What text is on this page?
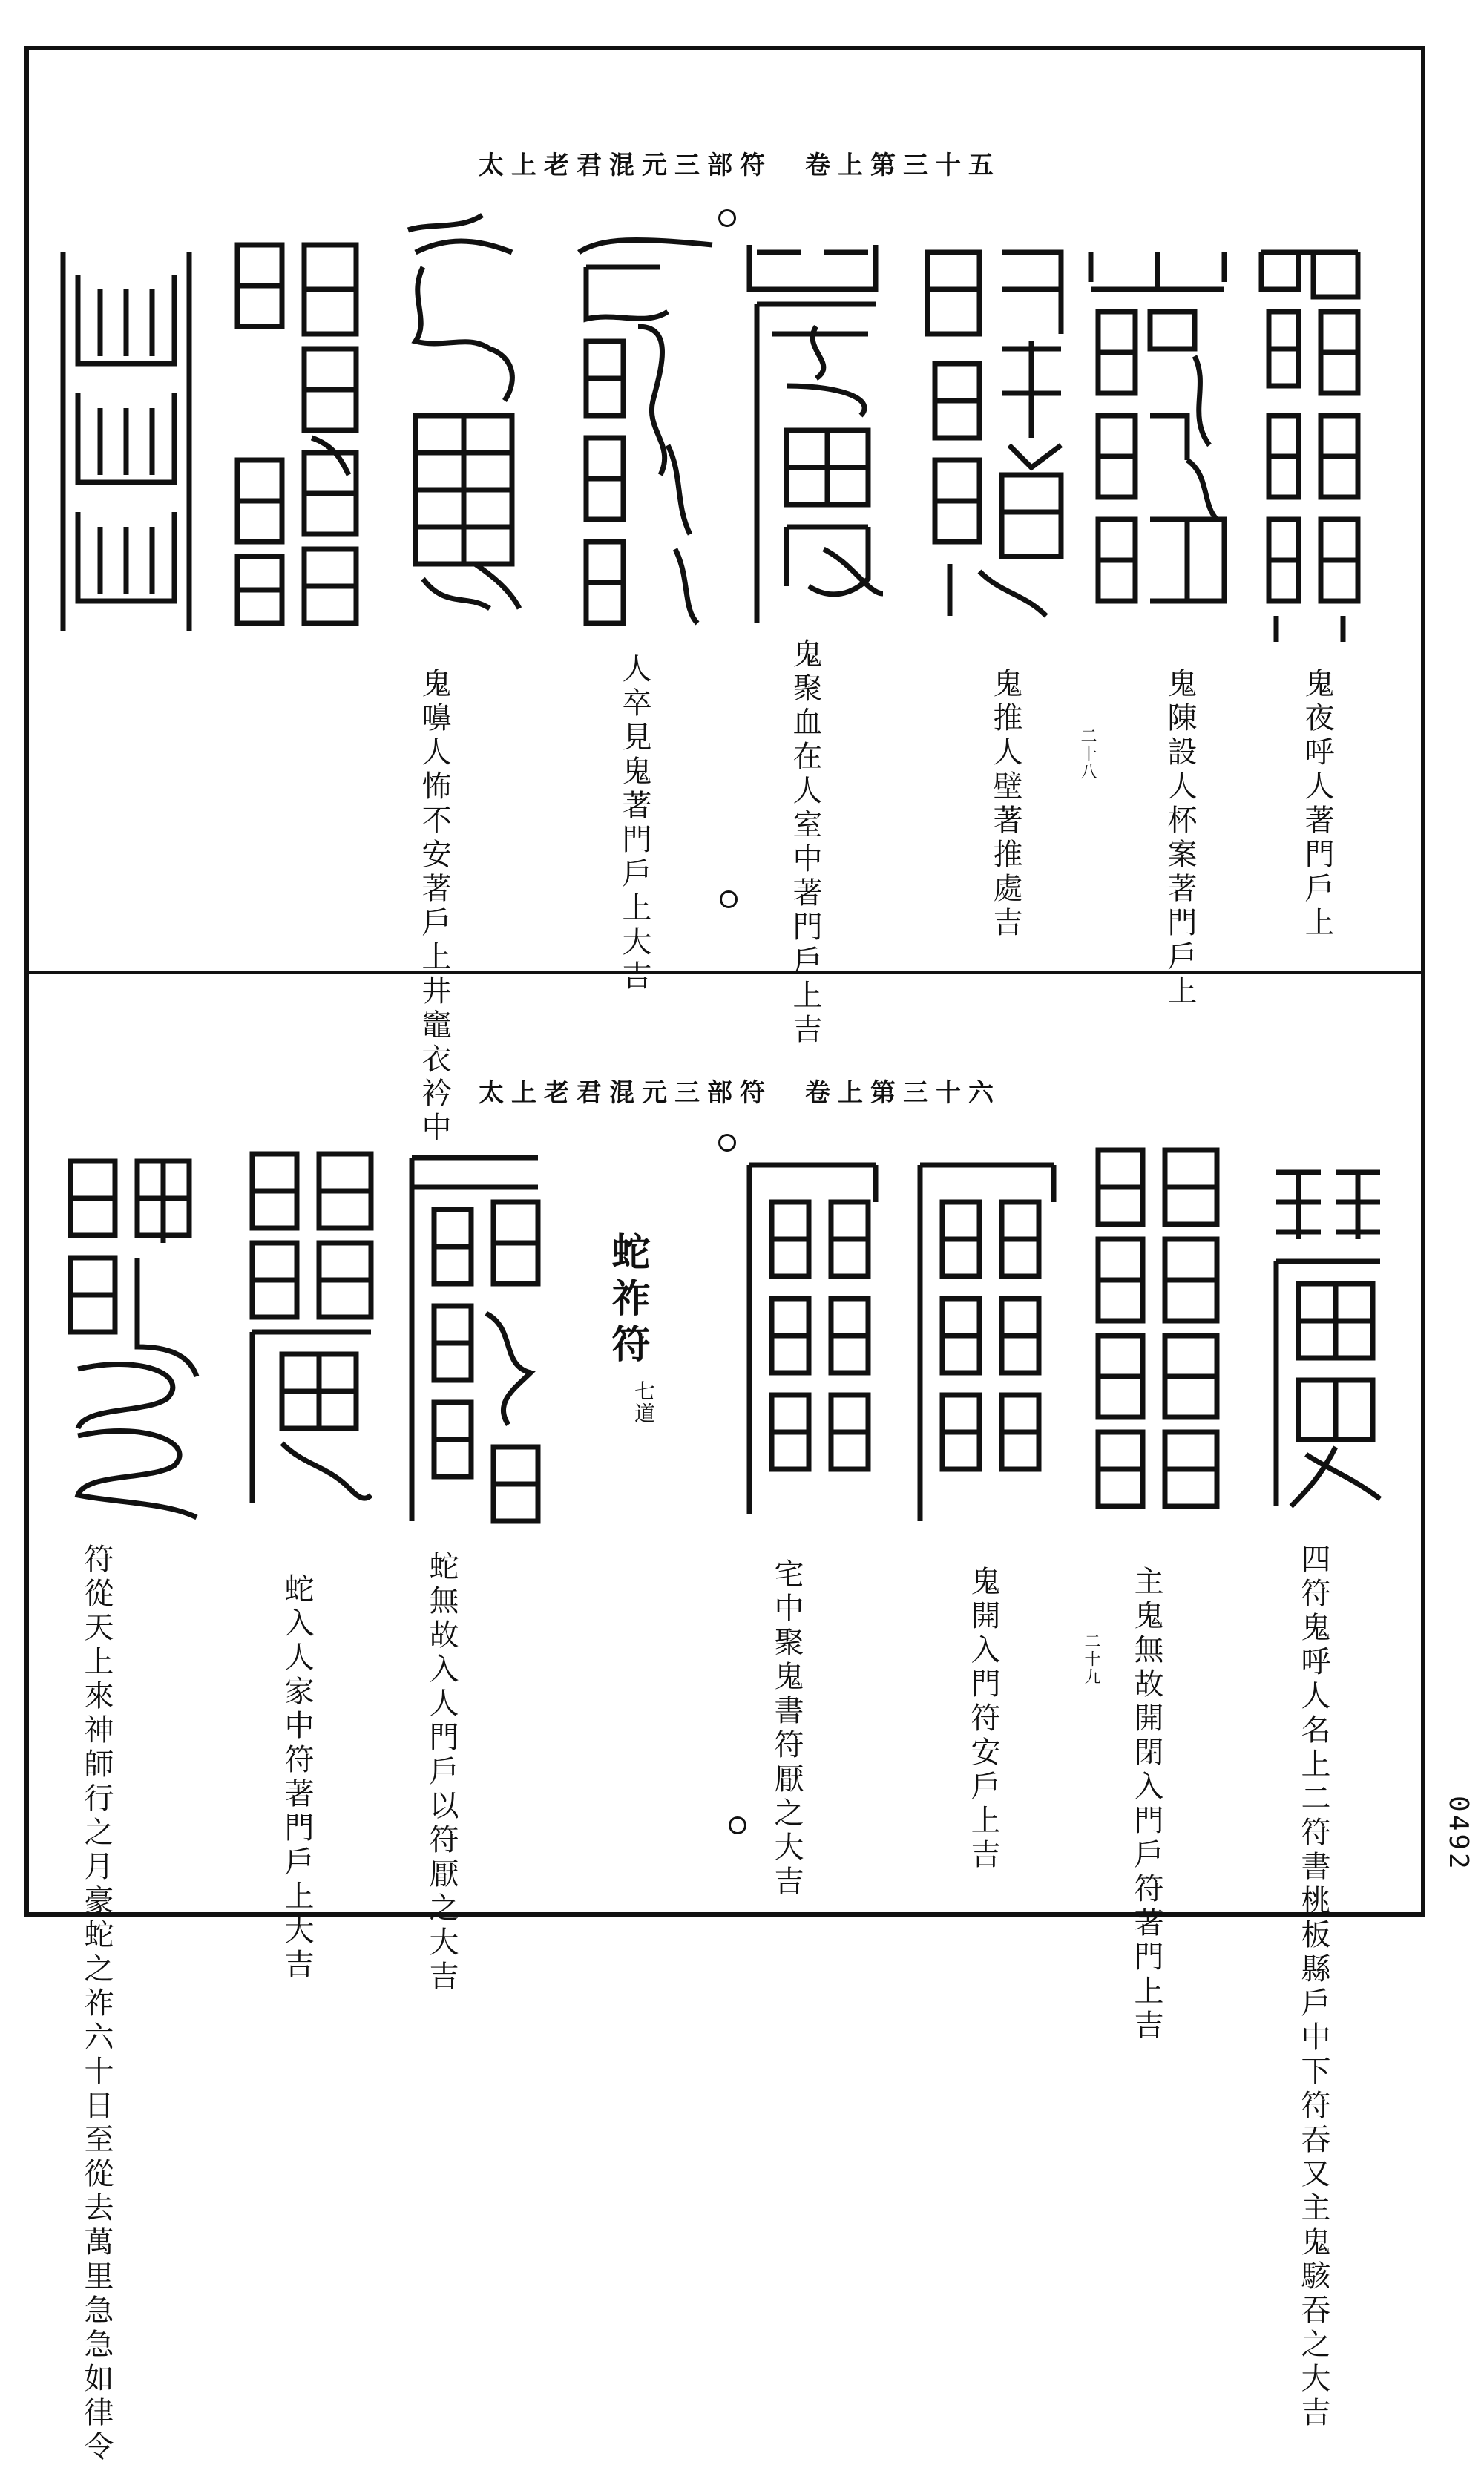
太上老君混元三部符　卷上第三十五
鬼夜呼人著門戶上
鬼陳設人杯案著門戶上
二十八
鬼推人壁著推處吉
鬼聚血在人室中著門戶上吉
人卒見鬼著門戶上大吉
鬼嚊人怖不安著戶上井竈衣衿中 太上老君混元三部符　卷上第三十六
蛇祚符
七道
四符鬼呼人名上二符書桃板縣戶中下符吞又主鬼駭吞之大吉
主鬼無故開閉入門戶符著門上吉
二十九
鬼開入門符安戶上吉
宅中聚鬼書符厭之大吉
蛇無故入人門戶以符厭之大吉
蛇入人家中符著門戶上大吉
符從天上來神師行之月豪蛇之祚六十日至從去萬里急急如律令	0492
